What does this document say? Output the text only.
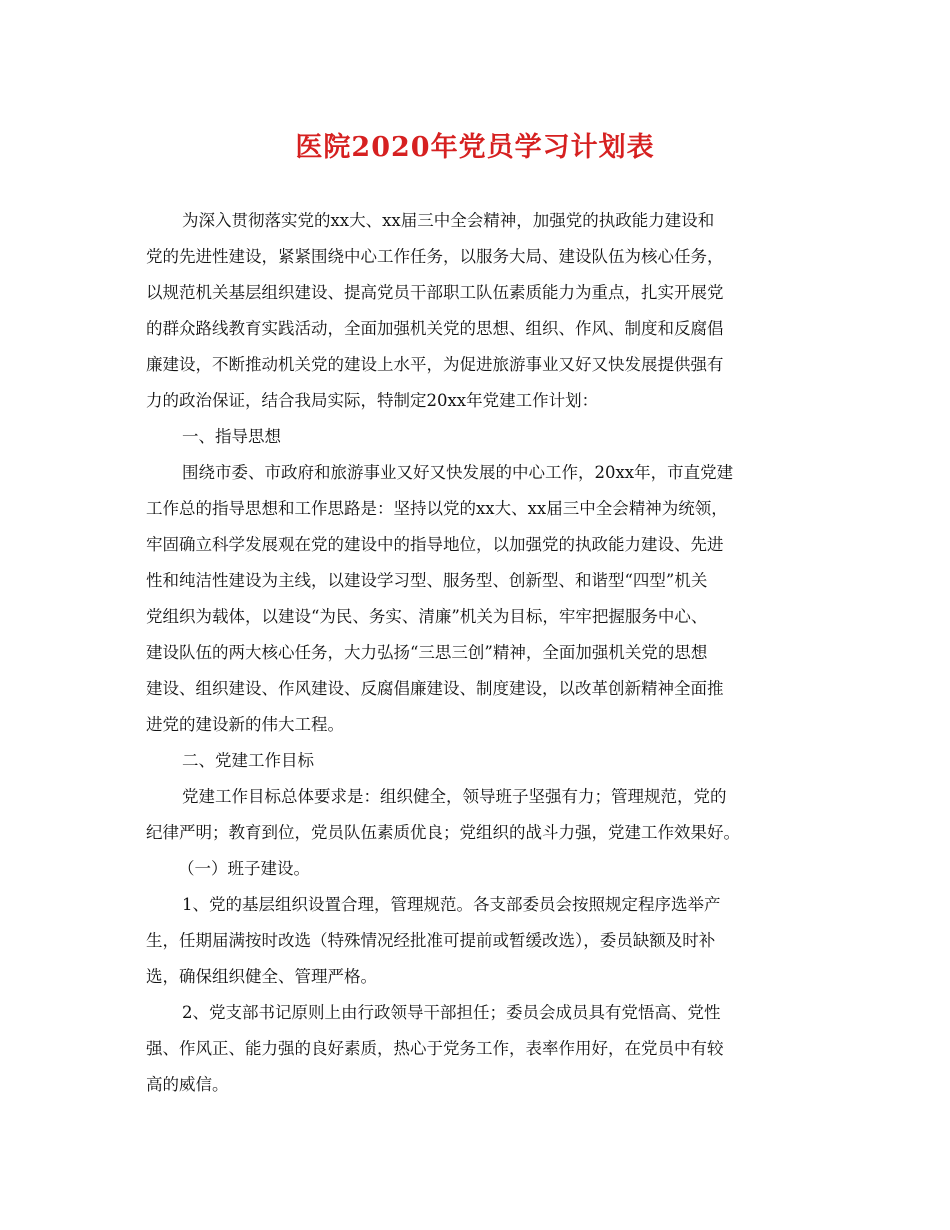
医院2020年党员学习计划表
为深入贯彻落实党的xx大、xx届三中全会精神，加强党的执政能力建设和
党的先进性建设，紧紧围绕中心工作任务，以服务大局、建设队伍为核心任务，
以规范机关基层组织建设、提高党员干部职工队伍素质能力为重点，扎实开展党
的群众路线教育实践活动，全面加强机关党的思想、组织、作风、制度和反腐倡
廉建设，不断推动机关党的建设上水平，为促进旅游事业又好又快发展提供强有
力的政治保证，结合我局实际，特制定20xx年党建工作计划：
一、指导思想
围绕市委、市政府和旅游事业又好又快发展的中心工作，20xx年，市直党建
工作总的指导思想和工作思路是：坚持以党的xx大、xx届三中全会精神为统领，
牢固确立科学发展观在党的建设中的指导地位，以加强党的执政能力建设、先进
性和纯洁性建设为主线，以建设学习型、服务型、创新型、和谐型“四型”机关
党组织为载体，以建设“为民、务实、清廉”机关为目标，牢牢把握服务中心、
建设队伍的两大核心任务，大力弘扬“三思三创”精神，全面加强机关党的思想
建设、组织建设、作风建设、反腐倡廉建设、制度建设，以改革创新精神全面推
进党的建设新的伟大工程。
二、党建工作目标
党建工作目标总体要求是：组织健全，领导班子坚强有力；管理规范，党的
纪律严明；教育到位，党员队伍素质优良；党组织的战斗力强，党建工作效果好。
（一）班子建设。
1、党的基层组织设置合理，管理规范。各支部委员会按照规定程序选举产
生，任期届满按时改选（特殊情况经批准可提前或暂缓改选），委员缺额及时补
选，确保组织健全、管理严格。
2、党支部书记原则上由行政领导干部担任；委员会成员具有党悟高、党性
强、作风正、能力强的良好素质，热心于党务工作，表率作用好，在党员中有较
高的威信。
